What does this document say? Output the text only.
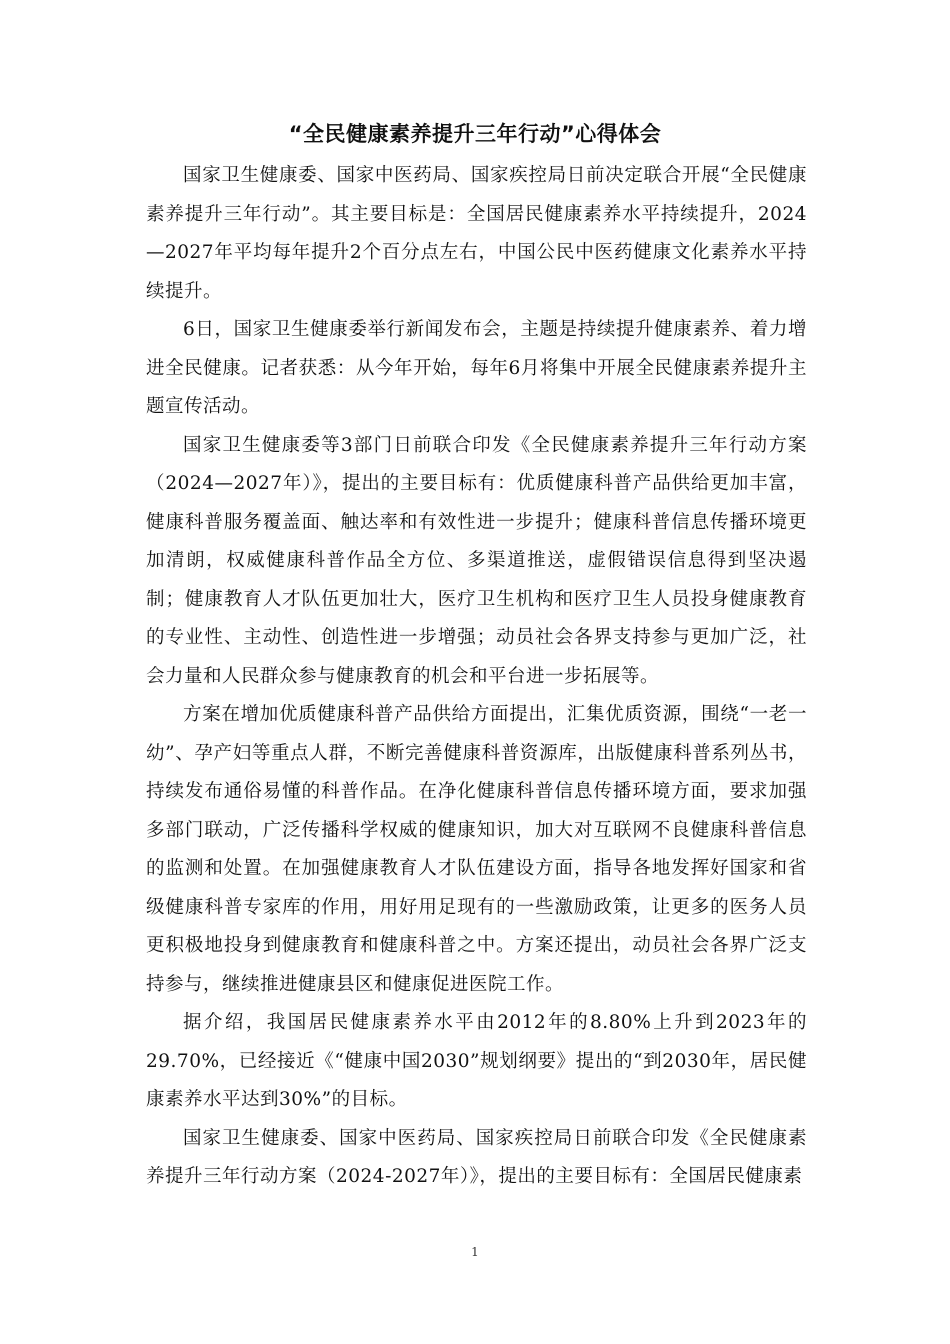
“全民健康素养提升三年行动”心得体会

国家卫生健康委、国家中医药局、国家疾控局日前决定联合开展“全民健康素养提升三年行动”。其主要目标是：全国居民健康素养水平持续提升，2024—2027年平均每年提升2个百分点左右，中国公民中医药健康文化素养水平持续提升。

6日，国家卫生健康委举行新闻发布会，主题是持续提升健康素养、着力增进全民健康。记者获悉：从今年开始，每年6月将集中开展全民健康素养提升主题宣传活动。

国家卫生健康委等3部门日前联合印发《全民健康素养提升三年行动方案（2024—2027年）》，提出的主要目标有：优质健康科普产品供给更加丰富，健康科普服务覆盖面、触达率和有效性进一步提升；健康科普信息传播环境更加清朗，权威健康科普作品全方位、多渠道推送，虚假错误信息得到坚决遏制；健康教育人才队伍更加壮大，医疗卫生机构和医疗卫生人员投身健康教育的专业性、主动性、创造性进一步增强；动员社会各界支持参与更加广泛，社会力量和人民群众参与健康教育的机会和平台进一步拓展等。

方案在增加优质健康科普产品供给方面提出，汇集优质资源，围绕“一老一幼”、孕产妇等重点人群，不断完善健康科普资源库，出版健康科普系列丛书，持续发布通俗易懂的科普作品。在净化健康科普信息传播环境方面，要求加强多部门联动，广泛传播科学权威的健康知识，加大对互联网不良健康科普信息的监测和处置。在加强健康教育人才队伍建设方面，指导各地发挥好国家和省级健康科普专家库的作用，用好用足现有的一些激励政策，让更多的医务人员更积极地投身到健康教育和健康科普之中。方案还提出，动员社会各界广泛支持参与，继续推进健康县区和健康促进医院工作。

据介绍，我国居民健康素养水平由2012年的8.80%上升到2023年的29.70%，已经接近《“健康中国2030”规划纲要》提出的“到2030年，居民健康素养水平达到30%”的目标。

国家卫生健康委、国家中医药局、国家疾控局日前联合印发《全民健康素养提升三年行动方案（2024-2027年）》，提出的主要目标有：全国居民健康素

1
